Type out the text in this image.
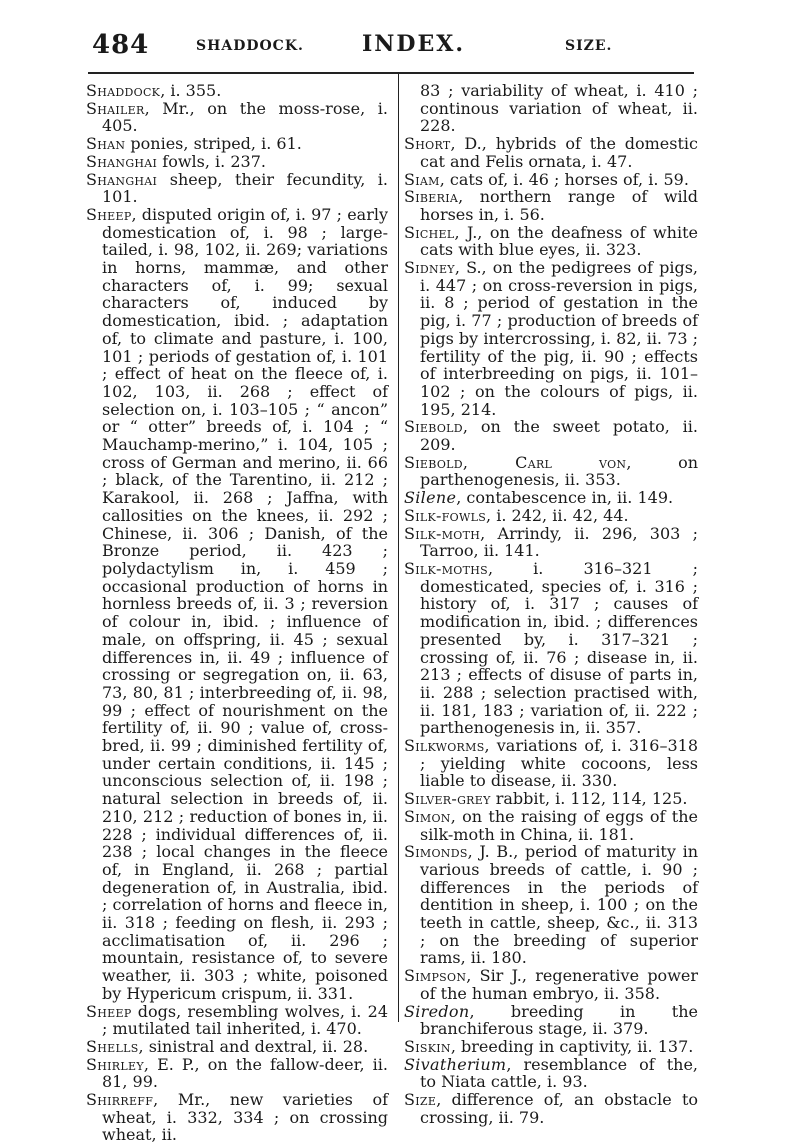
484	SHADDOCK.	INDEX.	SIZE.

Shaddock, i. 355.

Shailer, Mr., on the moss-rose, i. 405.

Shan ponies, striped, i. 61.

Shanghai fowls, i. 237.

Shanghai sheep, their fecundity, i. 101.

Sheep, disputed origin of, i. 97 ; early domestication of, i. 98 ; large-tailed, i. 98, 102, ii. 269; variations in horns, mammæ, and other characters of, i. 99; sexual characters of, induced by domestication, ibid. ; adaptation of, to climate and pasture, i. 100, 101 ; periods of gestation of, i. 101 ; effect of heat on the fleece of, i. 102, 103, ii. 268 ; effect of selection on, i. 103–105 ; “ ancon” or “ otter” breeds of, i. 104 ; “ Mauchamp-merino,” i. 104, 105 ; cross of German and merino, ii. 66 ; black, of the Tarentino, ii. 212 ; Karakool, ii. 268 ; Jaffna, with callosities on the knees, ii. 292 ; Chinese, ii. 306 ; Danish, of the Bronze period, ii. 423 ; polydactylism in, i. 459 ; occasional production of horns in hornless breeds of, ii. 3 ; reversion of colour in, ibid. ; influence of male, on offspring, ii. 45 ; sexual differences in, ii. 49 ; influence of crossing or segregation on, ii. 63, 73, 80, 81 ; interbreeding of, ii. 98, 99 ; effect of nourishment on the fertility of, ii. 90 ; value of, cross-bred, ii. 99 ; diminished fertility of, under certain conditions, ii. 145 ; unconscious selection of, ii. 198 ; natural selection in breeds of, ii. 210, 212 ; reduction of bones in, ii. 228 ; individual differences of, ii. 238 ; local changes in the fleece of, in England, ii. 268 ; partial degeneration of, in Australia, ibid. ; correlation of horns and fleece in, ii. 318 ; feeding on flesh, ii. 293 ; acclimatisation of, ii. 296 ; mountain, resistance of, to severe weather, ii. 303 ; white, poisoned by Hypericum crispum, ii. 331.

Sheep dogs, resembling wolves, i. 24 ; mutilated tail inherited, i. 470.

Shells, sinistral and dextral, ii. 28.

Shirley, E. P., on the fallow-deer, ii. 81, 99.

Shirreff, Mr., new varieties of wheat, i. 332, 334 ; on crossing wheat, ii.

83 ; variability of wheat, i. 410 ; continous variation of wheat, ii. 228.

Short, D., hybrids of the domestic cat and Felis ornata, i. 47.

Siam, cats of, i. 46 ; horses of, i. 59.

Siberia, northern range of wild horses in, i. 56.

Sichel, J., on the deafness of white cats with blue eyes, ii. 323.

Sidney, S., on the pedigrees of pigs, i. 447 ; on cross-reversion in pigs, ii. 8 ; period of gestation in the pig, i. 77 ; production of breeds of pigs by intercrossing, i. 82, ii. 73 ; fertility of the pig, ii. 90 ; effects of interbreeding on pigs, ii. 101–102 ; on the colours of pigs, ii. 195, 214.

Siebold, on the sweet potato, ii. 209.

Siebold, Carl von, on parthenogenesis, ii. 353.

Silene, contabescence in, ii. 149.

Silk-fowls, i. 242, ii. 42, 44.

Silk-moth, Arrindy, ii. 296, 303 ; Tarroo, ii. 141.

Silk-moths, i. 316–321 ; domesticated, species of, i. 316 ; history of, i. 317 ; causes of modification in, ibid. ; differences presented by, i. 317–321 ; crossing of, ii. 76 ; disease in, ii. 213 ; effects of disuse of parts in, ii. 288 ; selection practised with, ii. 181, 183 ; variation of, ii. 222 ; parthenogenesis in, ii. 357.

Silkworms, variations of, i. 316–318 ; yielding white cocoons, less liable to disease, ii. 330.

Silver-grey rabbit, i. 112, 114, 125.

Simon, on the raising of eggs of the silk-moth in China, ii. 181.

Simonds, J. B., period of maturity in various breeds of cattle, i. 90 ; differences in the periods of dentition in sheep, i. 100 ; on the teeth in cattle, sheep, &c., ii. 313 ; on the breeding of superior rams, ii. 180.

Simpson, Sir J., regenerative power of the human embryo, ii. 358.

Siredon, breeding in the branchiferous stage, ii. 379.

Siskin, breeding in captivity, ii. 137.

Sivatherium, resemblance of the, to Niata cattle, i. 93.

Size, difference of, an obstacle to crossing, ii. 79.
